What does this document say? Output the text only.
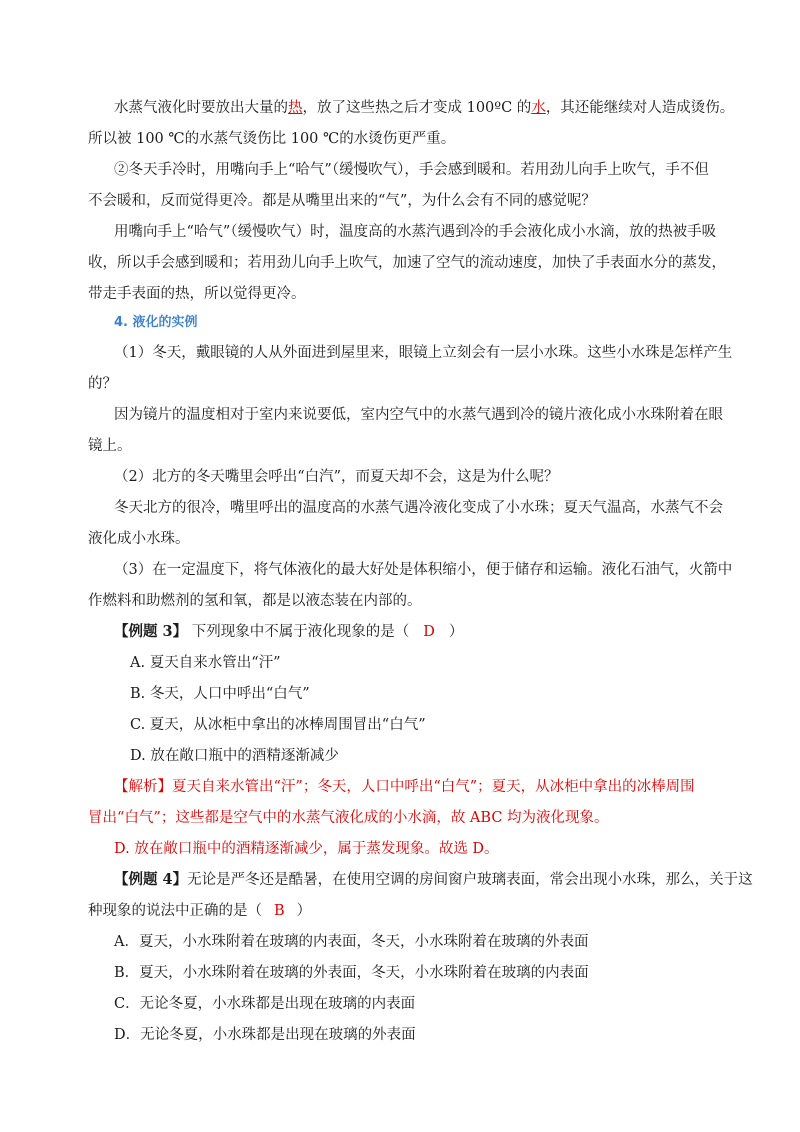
水蒸气液化时要放出大量的热，放了这些热之后才变成 100ºC 的水，其还能继续对人造成烫伤。
所以被 100 ℃的水蒸气烫伤比 100 ℃的水烫伤更严重。
②冬天手冷时，用嘴向手上“哈气”（缓慢吹气），手会感到暖和。若用劲儿向手上吹气，手不但
不会暖和，反而觉得更冷。都是从嘴里出来的“气”，为什么会有不同的感觉呢？
用嘴向手上“哈气”（缓慢吹气）时，温度高的水蒸汽遇到冷的手会液化成小水滴，放的热被手吸
收，所以手会感到暖和；若用劲儿向手上吹气，加速了空气的流动速度，加快了手表面水分的蒸发，
带走手表面的热，所以觉得更冷。
4. 液化的实例
（1）冬天，戴眼镜的人从外面进到屋里来，眼镜上立刻会有一层小水珠。这些小水珠是怎样产生
的？
因为镜片的温度相对于室内来说要低，室内空气中的水蒸气遇到冷的镜片液化成小水珠附着在眼
镜上。
（2）北方的冬天嘴里会呼出“白汽”，而夏天却不会，这是为什么呢？
冬天北方的很冷，嘴里呼出的温度高的水蒸气遇冷液化变成了小水珠；夏天气温高，水蒸气不会
液化成小水珠。
（3）在一定温度下，将气体液化的最大好处是体积缩小，便于储存和运输。液化石油气，火箭中
作燃料和助燃剂的氢和氧，都是以液态装在内部的。
【例题 3】 下列现象中不属于液化现象的是（ D ）
A. 夏天自来水管出“汗”
B. 冬天，人口中呼出“白气”
C. 夏天，从冰柜中拿出的冰棒周围冒出“白气”
D. 放在敞口瓶中的酒精逐渐减少
【解析】夏天自来水管出“汗”；冬天，人口中呼出“白气”；夏天，从冰柜中拿出的冰棒周围
冒出“白气”；这些都是空气中的水蒸气液化成的小水滴，故 ABC 均为液化现象。
D. 放在敞口瓶中的酒精逐渐减少，属于蒸发现象。故选 D。
【例题 4】无论是严冬还是酷暑，在使用空调的房间窗户玻璃表面，常会出现小水珠，那么，关于这
种现象的说法中正确的是（ B ）
A．夏天，小水珠附着在玻璃的内表面，冬天，小水珠附着在玻璃的外表面
B．夏天，小水珠附着在玻璃的外表面，冬天，小水珠附着在玻璃的内表面
C．无论冬夏，小水珠都是出现在玻璃的内表面
D．无论冬夏，小水珠都是出现在玻璃的外表面
